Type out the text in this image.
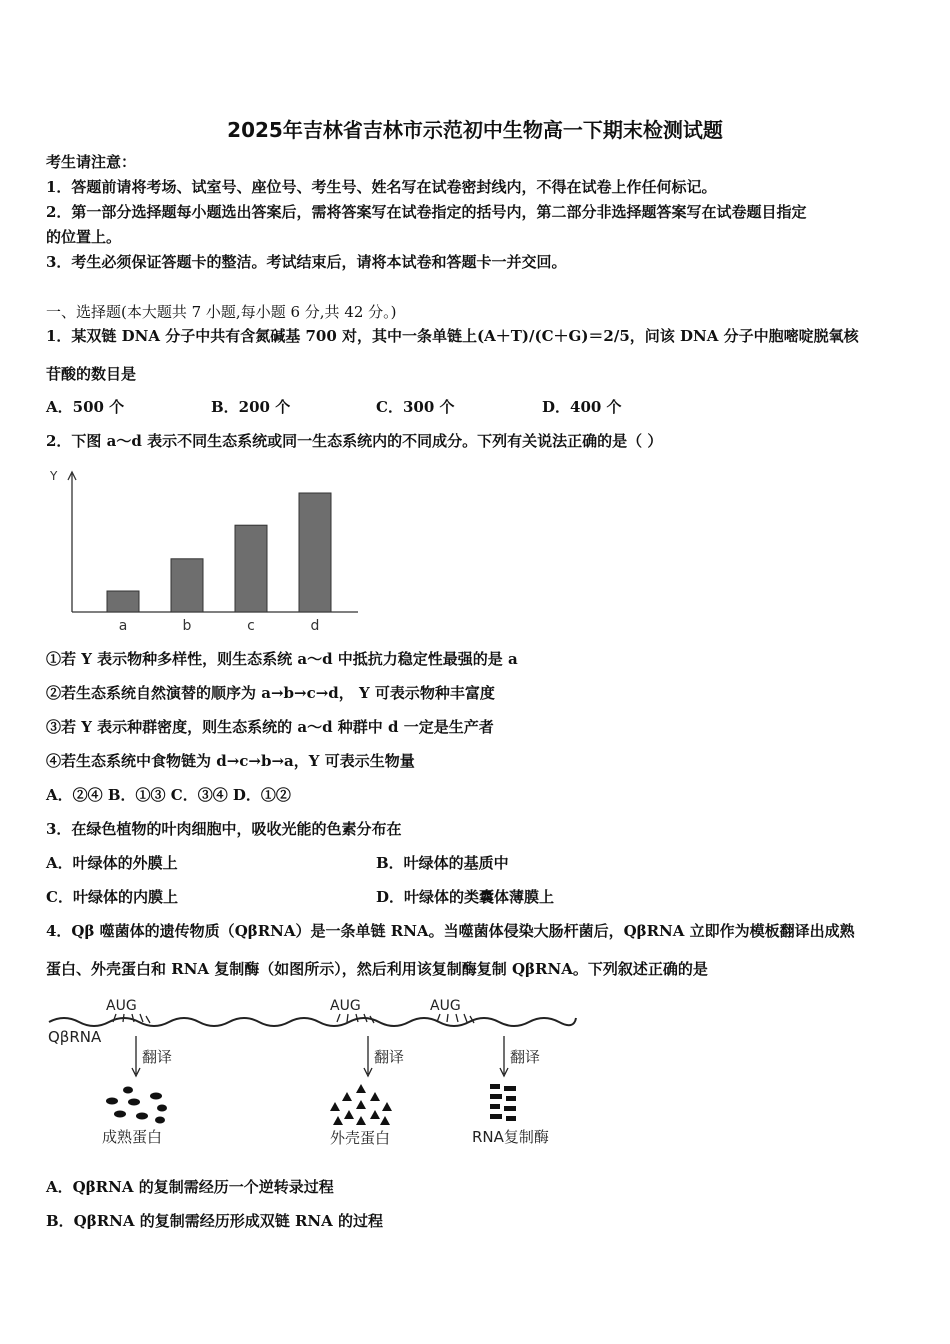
2025年吉林省吉林市示范初中生物高一下期末检测试题
考生请注意：
1．答题前请将考场、试室号、座位号、考生号、姓名写在试卷密封线内，不得在试卷上作任何标记。
2．第一部分选择题每小题选出答案后，需将答案写在试卷指定的括号内，第二部分非选择题答案写在试卷题目指定
的位置上。
3．考生必须保证答题卡的整洁。考试结束后，请将本试卷和答题卡一并交回。
一、选择题(本大题共 7 小题,每小题 6 分,共 42 分。)
1．某双链 DNA 分子中共有含氮碱基 700 对，其中一条单链上(A＋T)/(C＋G)＝2/5，问该 DNA 分子中胞嘧啶脱氧核
苷酸的数目是
A．500 个	B．200 个	C．300 个	D．400 个
2．下图 a～d 表示不同生态系统或同一生态系统内的不同成分。下列有关说法正确的是（ ）
Y
a	b	c	d
①若 Y 表示物种多样性，则生态系统 a～d 中抵抗力稳定性最强的是 a
②若生态系统自然演替的顺序为 a→b→c→d， Y 可表示物种丰富度
③若 Y 表示种群密度，则生态系统的 a～d 种群中 d 一定是生产者
④若生态系统中食物链为 d→c→b→a，Y 可表示生物量
A．②④ B．①③ C．③④ D．①②
3．在绿色植物的叶肉细胞中，吸收光能的色素分布在
A．叶绿体的外膜上	B．叶绿体的基质中
C．叶绿体的内膜上	D．叶绿体的类囊体薄膜上
4．Qβ 噬菌体的遗传物质（QβRNA）是一条单链 RNA。当噬菌体侵染大肠杆菌后，QβRNA 立即作为模板翻译出成熟
蛋白、外壳蛋白和 RNA 复制酶（如图所示），然后利用该复制酶复制 QβRNA。下列叙述正确的是
QβRNA
AUG	AUG	AUG
翻译	翻译	翻译
成熟蛋白	外壳蛋白	RNA复制酶
A．QβRNA 的复制需经历一个逆转录过程
B．QβRNA 的复制需经历形成双链 RNA 的过程
